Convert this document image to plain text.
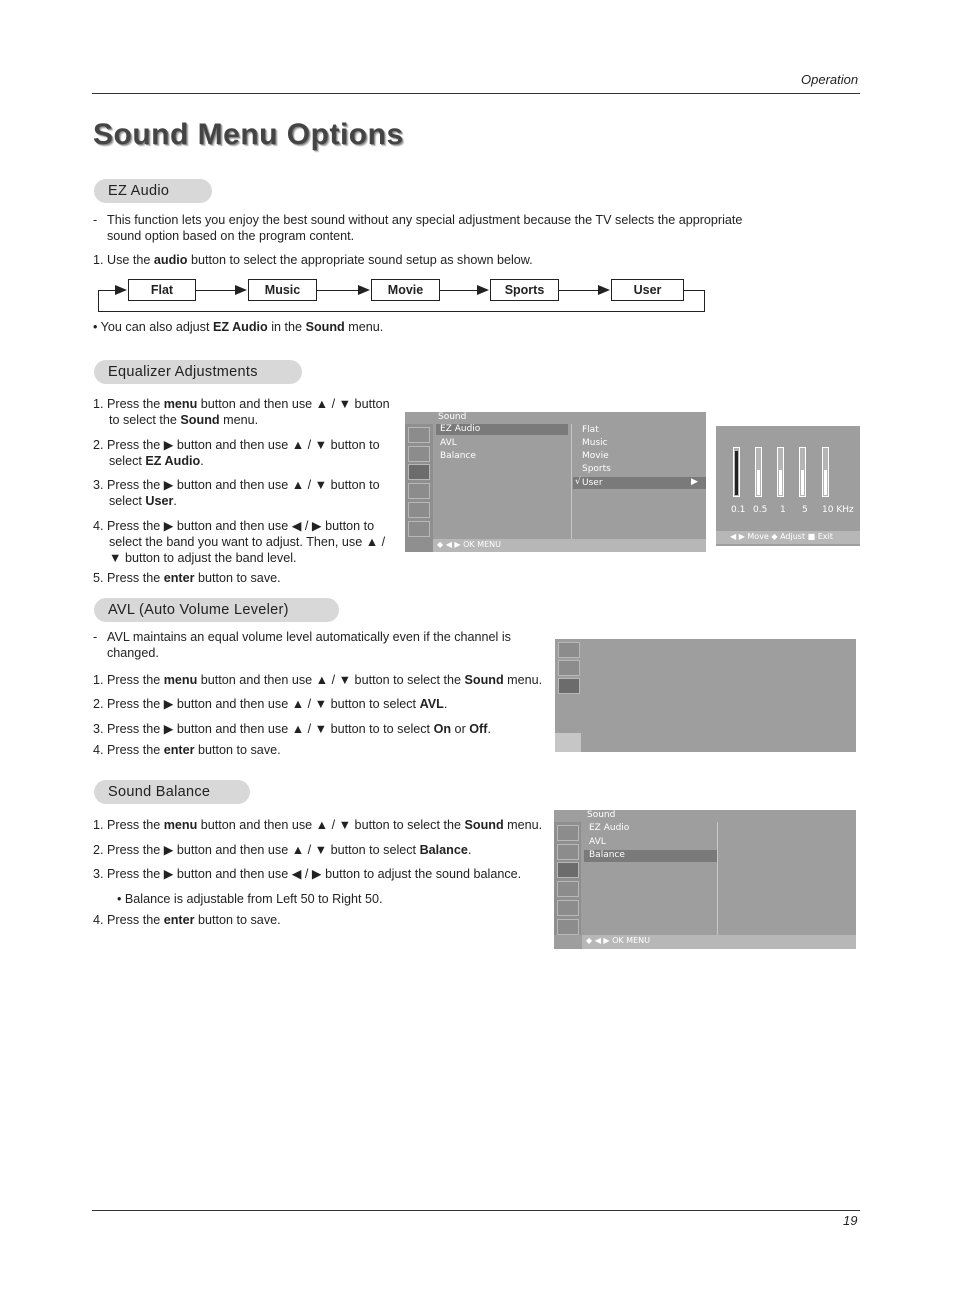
Operation
Sound Menu Options
EZ Audio
- This function lets you enjoy the best sound without any special adjustment because the TV selects the appropriate
sound option based on the program content.
1. Use the audio button to select the appropriate sound setup as shown below.
Flat	Music	Movie	Sports	User
• You can also adjust EZ Audio in the Sound menu.
Equalizer Adjustments
1. Press the menu button and then use ▲ / ▼ button
to select the Sound menu.
2. Press the ▶ button and then use ▲ / ▼ button to
select EZ Audio.
3. Press the ▶ button and then use ▲ / ▼ button to
select User.
4. Press the ▶ button and then use ◀ / ▶ button to
select the band you want to adjust. Then, use ▲ /
▼ button to adjust the band level.
5. Press the enter button to save.
Sound
EZ Audio
AVL
Balance
Flat
Music
Movie
Sports
√ User	▶
◆ ◀ ▶ OK MENU
0.1 0.5 1 5 10 KHz
◀ ▶ Move ◆ Adjust ■ Exit
AVL (Auto Volume Leveler)
- AVL maintains an equal volume level automatically even if the channel is
changed.
1. Press the menu button and then use ▲ / ▼ button to select the Sound menu.
2. Press the ▶ button and then use ▲ / ▼ button to select AVL.
3. Press the ▶ button and then use ▲ / ▼ button to to select On or Off.
4. Press the enter button to save.
Sound Balance
1. Press the menu button and then use ▲ / ▼ button to select the Sound menu.
2. Press the ▶ button and then use ▲ / ▼ button to select Balance.
3. Press the ▶ button and then use ◀ / ▶ button to adjust the sound balance.
• Balance is adjustable from Left 50 to Right 50.
4. Press the enter button to save.
Sound
EZ Audio
AVL
Balance
◆ ◀ ▶ OK MENU
19
